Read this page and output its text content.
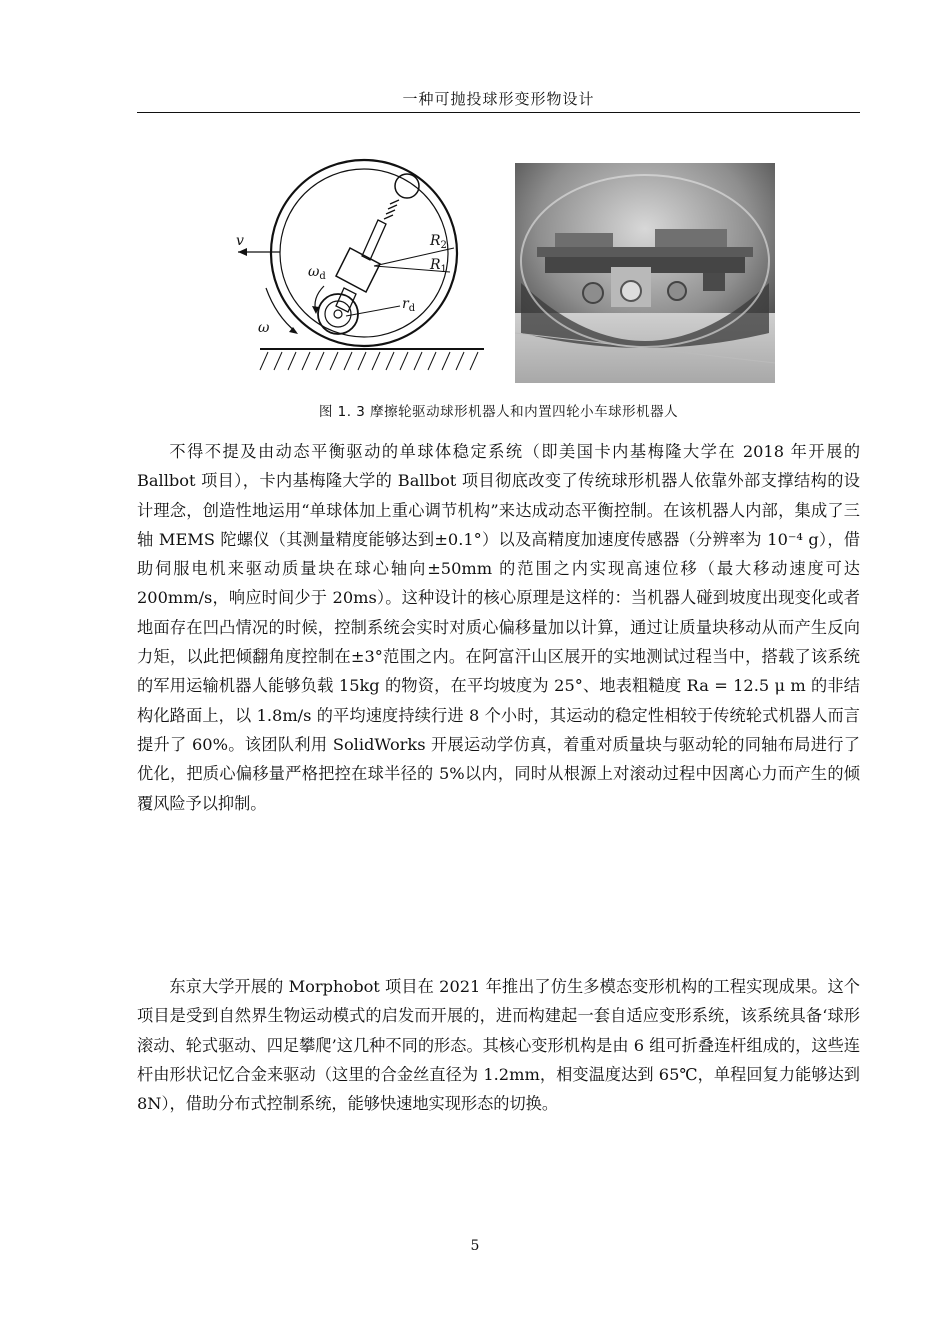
一种可抛投球形变形物设计
v
$\omega_d$
ω
$R_2$
$R_1$
$r_d$
图 1. 3 摩擦轮驱动球形机器人和内置四轮小车球形机器人

不得不提及由动态平衡驱动的单球体稳定系统（即美国卡内基梅隆大学在 2018 年开展的 Ballbot 项目），卡内基梅隆大学的 Ballbot 项目彻底改变了传统球形机器人依靠外部支撑结构的设计理念，创造性地运用“单球体加上重心调节机构”来达成动态平衡控制。在该机器人内部，集成了三轴 MEMS 陀螺仪（其测量精度能够达到±0.1°）以及高精度加速度传感器（分辨率为 10⁻⁴ g），借助伺服电机来驱动质量块在球心轴向±50mm 的范围之内实现高速位移（最大移动速度可达 200mm/s，响应时间少于 20ms）。这种设计的核心原理是这样的：当机器人碰到坡度出现变化或者地面存在凹凸情况的时候，控制系统会实时对质心偏移量加以计算，通过让质量块移动从而产生反向力矩，以此把倾翻角度控制在±3°范围之内。在阿富汗山区展开的实地测试过程当中，搭载了该系统的军用运输机器人能够负载 15kg 的物资，在平均坡度为 25°、地表粗糙度 Ra = 12.5 μ m 的非结构化路面上，以 1.8m/s 的平均速度持续行进 8 个小时，其运动的稳定性相较于传统轮式机器人而言提升了 60%。该团队利用 SolidWorks 开展运动学仿真，着重对质量块与驱动轮的同轴布局进行了优化，把质心偏移量严格把控在球半径的 5%以内，同时从根源上对滚动过程中因离心力而产生的倾覆风险予以抑制。

东京大学开展的 Morphobot 项目在 2021 年推出了仿生多模态变形机构的工程实现成果。这个项目是受到自然界生物运动模式的启发而开展的，进而构建起一套自适应变形系统，该系统具备‘球形滚动、轮式驱动、四足攀爬’这几种不同的形态。其核心变形机构是由 6 组可折叠连杆组成的，这些连杆由形状记忆合金来驱动（这里的合金丝直径为 1.2mm，相变温度达到 65℃，单程回复力能够达到 8N），借助分布式控制系统，能够快速地实现形态的切换。

5
